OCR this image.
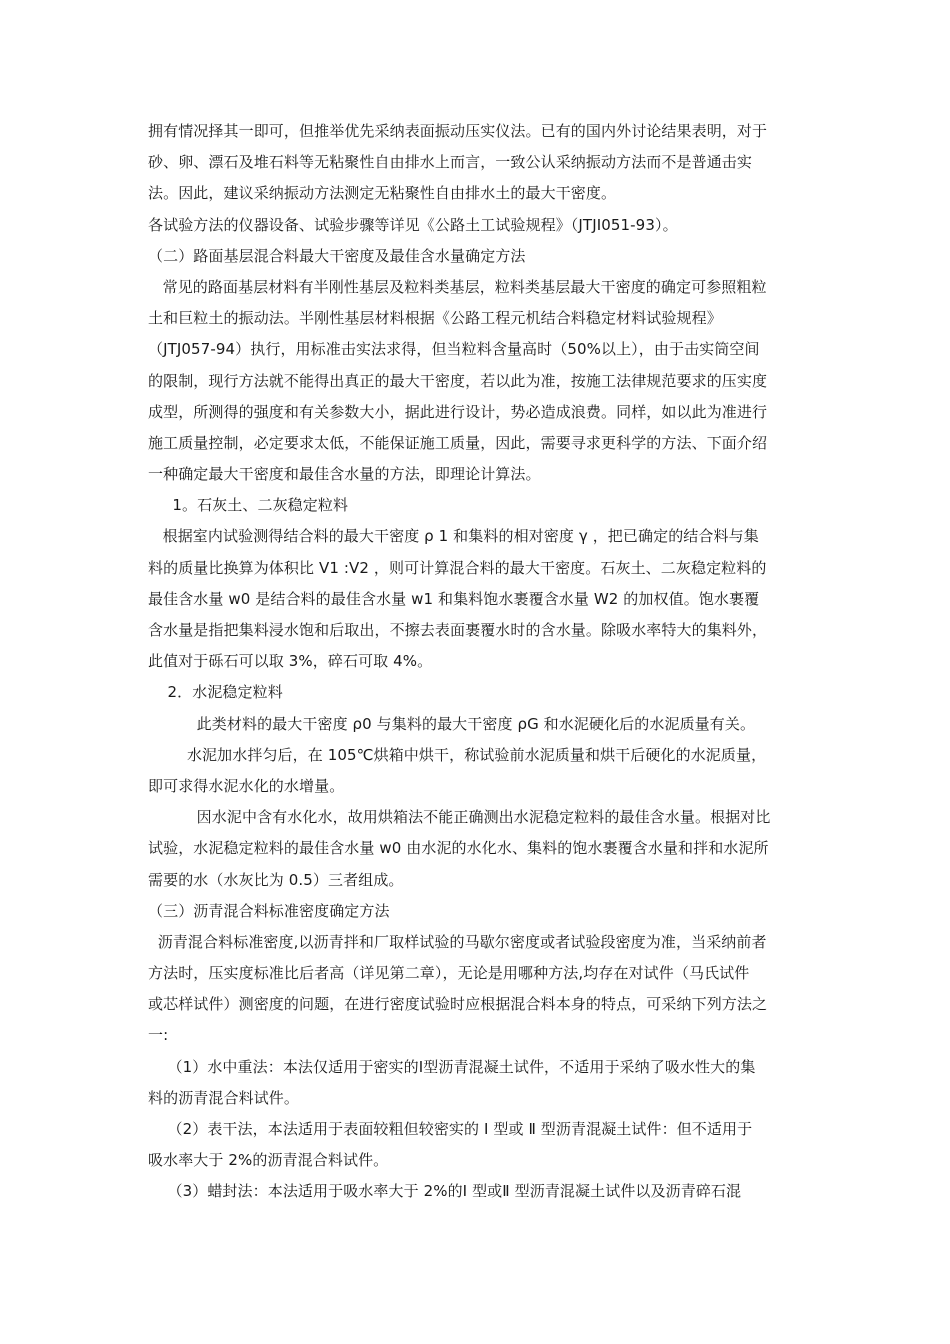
拥有情况择其一即可，但推举优先采纳表面振动压实仪法。已有的国内外讨论结果表明，对于
砂、卵、漂石及堆石料等无粘聚性自由排水上而言，一致公认采纳振动方法而不是普通击实
法。因此，建议采纳振动方法测定无粘聚性自由排水土的最大干密度。
各试验方法的仪器设备、试验步骤等详见《公路土工试验规程》（JTJI051-93）。
（二）路面基层混合料最大干密度及最佳含水量确定方法
常见的路面基层材料有半刚性基层及粒料类基层，粒料类基层最大干密度的确定可参照粗粒
土和巨粒土的振动法。半刚性基层材料根据《公路工程元机结合料稳定材料试验规程》
（JTJ057-94）执行，用标准击实法求得，但当粒料含量高时（50%以上），由于击实筒空间
的限制，现行方法就不能得出真正的最大干密度，若以此为准，按施工法律规范要求的压实度
成型，所测得的强度和有关参数大小，据此进行设计，势必造成浪费。同样，如以此为准进行
施工质量控制，必定要求太低，不能保证施工质量，因此，需要寻求更科学的方法、下面介绍
一种确定最大干密度和最佳含水量的方法，即理论计算法。
1。石灰土、二灰稳定粒料
根据室内试验测得结合料的最大干密度 ρ 1 和集料的相对密度 γ ，把已确定的结合料与集
料的质量比换算为体积比 V1 :V2 ，则可计算混合料的最大干密度。石灰土、二灰稳定粒料的
最佳含水量 w0 是结合料的最佳含水量 w1 和集料饱水裹覆含水量 W2 的加权值。饱水裹覆
含水量是指把集料浸水饱和后取出，不擦去表面裹覆水时的含水量。除吸水率特大的集料外，
此值对于砾石可以取 3%，碎石可取 4%。
2．水泥稳定粒料
此类材料的最大干密度 ρ0 与集料的最大干密度 ρG 和水泥硬化后的水泥质量有关。
水泥加水拌匀后，在 105℃烘箱中烘干，称试验前水泥质量和烘干后硬化的水泥质量，
即可求得水泥水化的水增量。
因水泥中含有水化水，故用烘箱法不能正确测出水泥稳定粒料的最佳含水量。根据对比
试验，水泥稳定粒料的最佳含水量 w0 由水泥的水化水、集料的饱水裹覆含水量和拌和水泥所
需要的水（水灰比为 0.5）三者组成。
（三）沥青混合料标准密度确定方法
沥青混合料标准密度,以沥青拌和厂取样试验的马歇尔密度或者试验段密度为准，当采纳前者
方法时，压实度标准比后者高（详见第二章），无论是用哪种方法,均存在对试件（马氏试件
或芯样试件）测密度的问题，在进行密度试验时应根据混合料本身的特点，可采纳下列方法之
一:
（1）水中重法：本法仅适用于密实的Ⅰ型沥青混凝土试件，不适用于采纳了吸水性大的集
料的沥青混合料试件。
（2）表干法，本法适用于表面较粗但较密实的 Ⅰ 型或 Ⅱ 型沥青混凝土试件：但不适用于
吸水率大于 2%的沥青混合料试件。
（3）蜡封法：本法适用于吸水率大于 2%的Ⅰ 型或Ⅱ 型沥青混凝土试件以及沥青碎石混
